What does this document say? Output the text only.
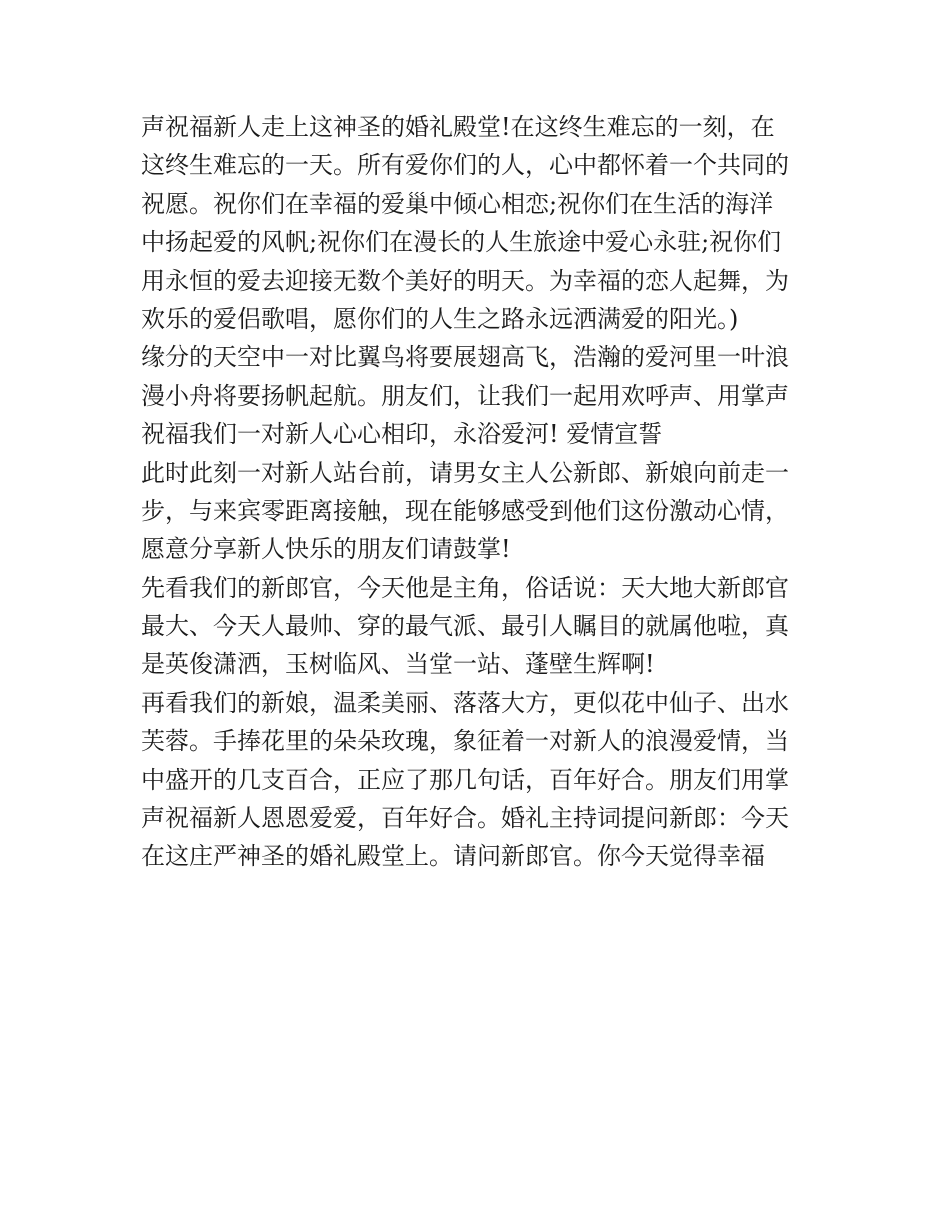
声祝福新人走上这神圣的婚礼殿堂!在这终生难忘的一刻，在
这终生难忘的一天。所有爱你们的人，心中都怀着一个共同的
祝愿。祝你们在幸福的爱巢中倾心相恋;祝你们在生活的海洋
中扬起爱的风帆;祝你们在漫长的人生旅途中爱心永驻;祝你们
用永恒的爱去迎接无数个美好的明天。为幸福的恋人起舞，为
欢乐的爱侣歌唱，愿你们的人生之路永远洒满爱的阳光。)
缘分的天空中一对比翼鸟将要展翅高飞，浩瀚的爱河里一叶浪
漫小舟将要扬帆起航。朋友们，让我们一起用欢呼声、用掌声
祝福我们一对新人心心相印，永浴爱河! 爱情宣誓
此时此刻一对新人站台前，请男女主人公新郎、新娘向前走一
步，与来宾零距离接触，现在能够感受到他们这份激动心情，
愿意分享新人快乐的朋友们请鼓掌!
先看我们的新郎官，今天他是主角，俗话说：天大地大新郎官
最大、今天人最帅、穿的最气派、最引人瞩目的就属他啦，真
是英俊潇洒，玉树临风、当堂一站、蓬壁生辉啊!
再看我们的新娘，温柔美丽、落落大方，更似花中仙子、出水
芙蓉。手捧花里的朵朵玫瑰，象征着一对新人的浪漫爱情，当
中盛开的几支百合，正应了那几句话，百年好合。朋友们用掌
声祝福新人恩恩爱爱，百年好合。婚礼主持词提问新郎：今天
在这庄严神圣的婚礼殿堂上。请问新郎官。你今天觉得幸福
